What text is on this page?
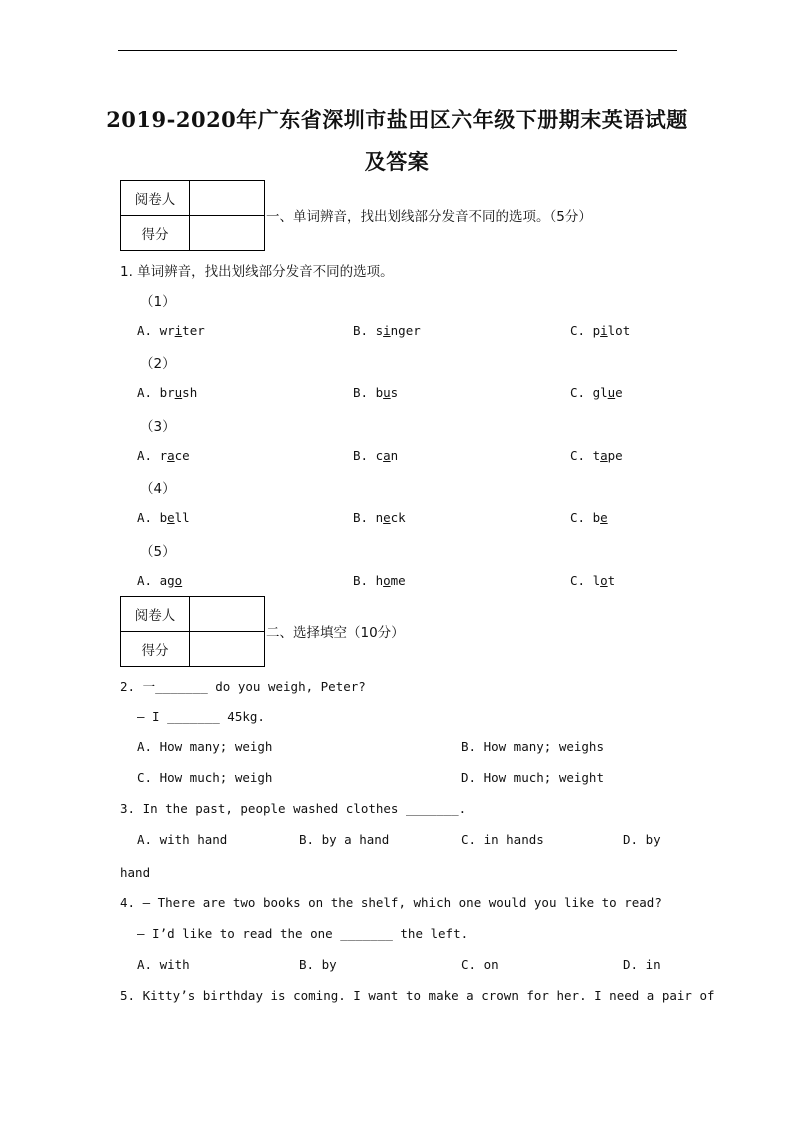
2019-2020年广东省深圳市盐田区六年级下册期末英语试题
及答案
阅卷人	
得分	
一、单词辨音，找出划线部分发音不同的选项。（5分）
1. 单词辨音，找出划线部分发音不同的选项。
（1）
A. writer	B. singer	C. pilot
（2）
A. brush	B. bus	C. glue
（3）
A. race	B. can	C. tape
（4）
A. bell	B. neck	C. be
（5）
A. ago	B. home	C. lot
阅卷人	
得分	
二、选择填空（10分）
2. 一_______ do you weigh, Peter?
— I _______ 45kg.
A. How many; weigh	B. How many; weighs
C. How much; weigh	D. How much; weight
3. In the past, people washed clothes _______.
A. with hand	B. by a hand	C. in hands	D. by
hand
4. — There are two books on the shelf, which one would you like to read?
— I’d like to read the one _______ the left.
A. with	B. by	C. on	D. in
5. Kitty’s birthday is coming. I want to make a crown for her. I need a pair of
